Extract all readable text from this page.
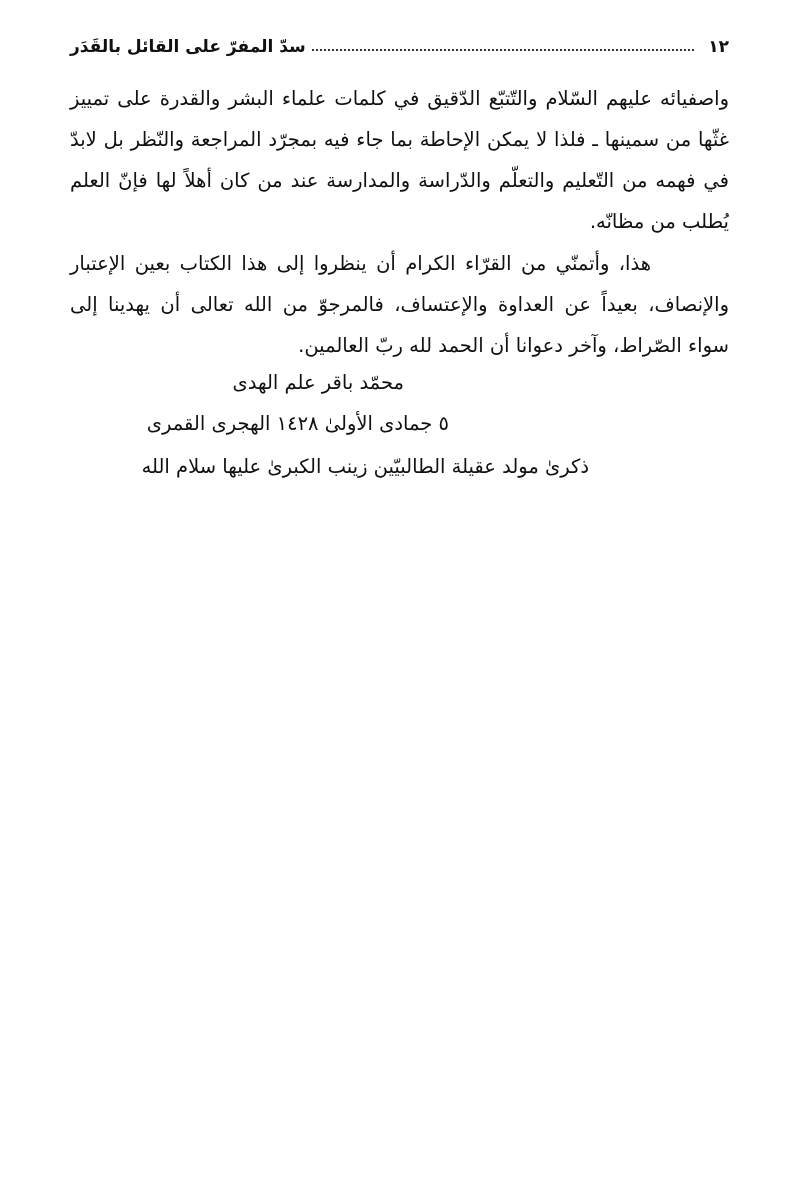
١٢
سدّ المفرّ على القائل بالقَدَر

واصفيائه عليهم السّلام والتّتبّع الدّقيق في كلمات علماء البشر والقدرة على تمييز غثّها من سمينها ـ فلذا لا يمكن الإحاطة بما جاء فيه بمجرّد المراجعة والنّظر بل لابدّ في فهمه من التّعليم والتعلّم والدّراسة والمدارسة عند من كان أهلاً لها فإنّ العلم يُطلب من مظانّه.

هذا، وأتمنّي من القرّاء الكرام أن ينظروا إلى هذا الكتاب بعين الإعتبار والإنصاف، بعيداً عن العداوة والإعتساف، فالمرجوّ من الله تعالى أن يهدينا إلى سواء الصّراط، وآخر دعوانا أن الحمد لله ربّ العالمين.

محمّد باقر علم الهدى
٥ جمادى الأولىٰ ١٤٢٨ الهجرى القمرى
ذكرىٰ مولد عقيلة الطالبيّين زينب الكبرىٰ عليها سلام الله
